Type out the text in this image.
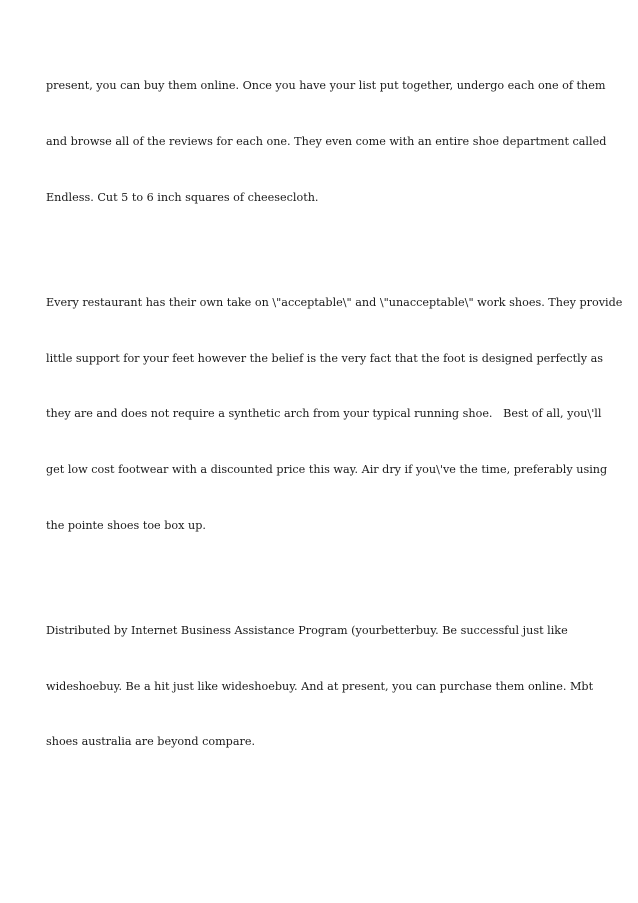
present, you can buy them online. Once you have your list put together, undergo each one of them

and browse all of the reviews for each one. They even come with an entire shoe department called

Endless. Cut 5 to 6 inch squares of cheesecloth.

Every restaurant has their own take on \"acceptable\" and \"unacceptable\" work shoes. They provide

little support for your feet however the belief is the very fact that the foot is designed perfectly as

they are and does not require a synthetic arch from your typical running shoe.   Best of all, you\'ll

get low cost footwear with a discounted price this way. Air dry if you\'ve the time, preferably using

the pointe shoes toe box up.

Distributed by Internet Business Assistance Program (yourbetterbuy. Be successful just like

wideshoebuy. Be a hit just like wideshoebuy. And at present, you can purchase them online. Mbt

shoes australia are beyond compare.
